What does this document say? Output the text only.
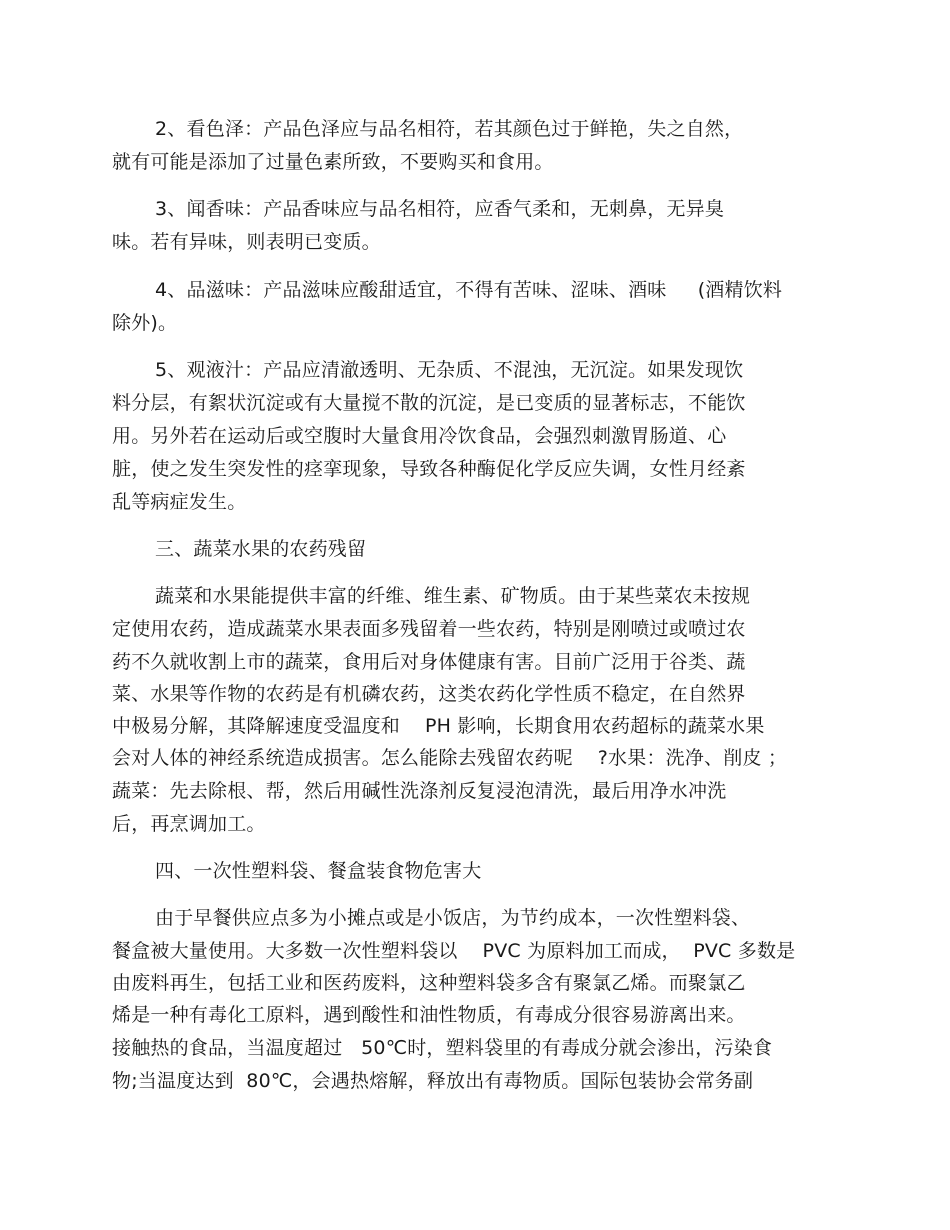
2、看色泽：产品色泽应与品名相符，若其颜色过于鲜艳，失之自然，
就有可能是添加了过量色素所致，不要购买和食用。
3、闻香味：产品香味应与品名相符，应香气柔和，无刺鼻，无异臭
味。若有异味，则表明已变质。
4、品滋味：产品滋味应酸甜适宜，不得有苦味、涩味、酒味     (酒精饮料
除外)。
5、观液汁：产品应清澈透明、无杂质、不混浊，无沉淀。如果发现饮
料分层，有絮状沉淀或有大量搅不散的沉淀，是已变质的显著标志，不能饮
用。另外若在运动后或空腹时大量食用冷饮食品，会强烈刺激胃肠道、心
脏，使之发生突发性的痉挛现象，导致各种酶促化学反应失调，女性月经紊
乱等病症发生。
三、蔬菜水果的农药残留
蔬菜和水果能提供丰富的纤维、维生素、矿物质。由于某些菜农未按规
定使用农药，造成蔬菜水果表面多残留着一些农药，特别是刚喷过或喷过农
药不久就收割上市的蔬菜，食用后对身体健康有害。目前广泛用于谷类、蔬
菜、水果等作物的农药是有机磷农药，这类农药化学性质不稳定，在自然界
中极易分解，其降解速度受温度和    PH 影响，长期食用农药超标的蔬菜水果
会对人体的神经系统造成损害。怎么能除去残留农药呢    ?水果：洗净、削皮 ；
蔬菜：先去除根、帮，然后用碱性洗涤剂反复浸泡清洗，最后用净水冲洗
后，再烹调加工。
四、一次性塑料袋、餐盒装食物危害大
由于早餐供应点多为小摊点或是小饭店，为节约成本，一次性塑料袋、
餐盒被大量使用。大多数一次性塑料袋以    PVC 为原料加工而成，  PVC 多数是
由废料再生，包括工业和医药废料，这种塑料袋多含有聚氯乙烯。而聚氯乙
烯是一种有毒化工原料，遇到酸性和油性物质，有毒成分很容易游离出来。
接触热的食品，当温度超过   50℃时，塑料袋里的有毒成分就会渗出，污染食
物;当温度达到  80℃，会遇热熔解，释放出有毒物质。国际包装协会常务副
